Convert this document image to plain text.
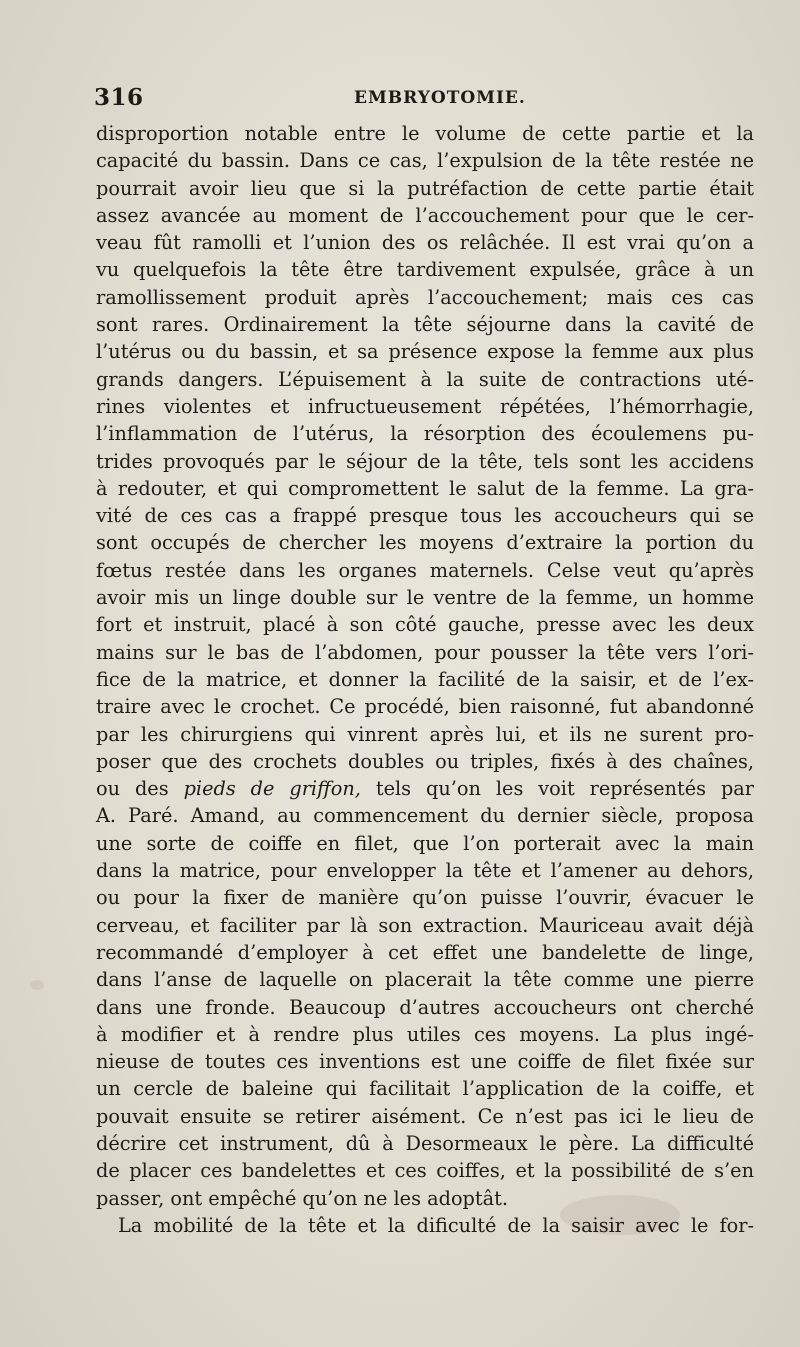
316	EMBRYOTOMIE.
disproportion notable entre le volume de cette partie et la
capacité du bassin. Dans ce cas, l’expulsion de la tête restée ne
pourrait avoir lieu que si la putréfaction de cette partie était
assez avancée au moment de l’accouchement pour que le cer-
veau fût ramolli et l’union des os relâchée. Il est vrai qu’on a
vu quelquefois la tête être tardivement expulsée, grâce à un
ramollissement produit après l’accouchement; mais ces cas
sont rares. Ordinairement la tête séjourne dans la cavité de
l’utérus ou du bassin, et sa présence expose la femme aux plus
grands dangers. L’épuisement à la suite de contractions uté-
rines violentes et infructueusement répétées, l’hémorrhagie,
l’inflammation de l’utérus, la résorption des écoulemens pu-
trides provoqués par le séjour de la tête, tels sont les accidens
à redouter, et qui compromettent le salut de la femme. La gra-
vité de ces cas a frappé presque tous les accoucheurs qui se
sont occupés de chercher les moyens d’extraire la portion du
fœtus restée dans les organes maternels. Celse veut qu’après
avoir mis un linge double sur le ventre de la femme, un homme
fort et instruit, placé à son côté gauche, presse avec les deux
mains sur le bas de l’abdomen, pour pousser la tête vers l’ori-
fice de la matrice, et donner la facilité de la saisir, et de l’ex-
traire avec le crochet. Ce procédé, bien raisonné, fut abandonné
par les chirurgiens qui vinrent après lui, et ils ne surent pro-
poser que des crochets doubles ou triples, fixés à des chaînes,
ou des pieds de griffon, tels qu’on les voit représentés par
A. Paré. Amand, au commencement du dernier siècle, proposa
une sorte de coiffe en filet, que l’on porterait avec la main
dans la matrice, pour envelopper la tête et l’amener au dehors,
ou pour la fixer de manière qu’on puisse l’ouvrir, évacuer le
cerveau, et faciliter par là son extraction. Mauriceau avait déjà
recommandé d’employer à cet effet une bandelette de linge,
dans l’anse de laquelle on placerait la tête comme une pierre
dans une fronde. Beaucoup d’autres accoucheurs ont cherché
à modifier et à rendre plus utiles ces moyens. La plus ingé-
nieuse de toutes ces inventions est une coiffe de filet fixée sur
un cercle de baleine qui facilitait l’application de la coiffe, et
pouvait ensuite se retirer aisément. Ce n’est pas ici le lieu de
décrire cet instrument, dû à Desormeaux le père. La difficulté
de placer ces bandelettes et ces coiffes, et la possibilité de s’en
passer, ont empêché qu’on ne les adoptât.
La mobilité de la tête et la dificulté de la saisir avec le for-
